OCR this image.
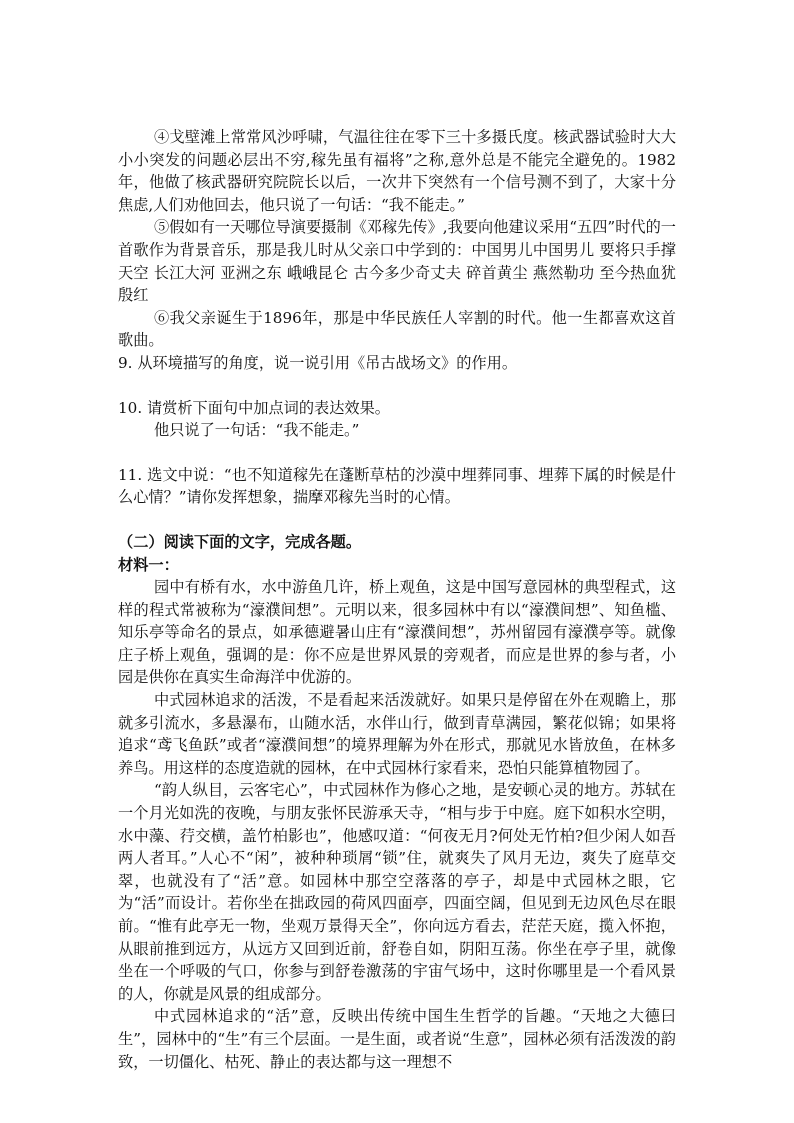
④戈壁滩上常常风沙呼啸，气温往往在零下三十多摄氏度。核武器试验时大大小小突发的问题必层出不穷,稼先虽有福将”之称,意外总是不能完全避免的。1982年，他做了核武器研究院院长以后，一次井下突然有一个信号测不到了，大家十分焦虑,人们劝他回去，他只说了一句话：“我不能走。”

⑤假如有一天哪位导演要摄制《邓稼先传》,我要向他建议采用“五四”时代的一首歌作为背景音乐，那是我儿时从父亲口中学到的：中国男儿中国男儿 要将只手撑天空 长江大河 亚洲之东 峨峨昆仑 古今多少奇丈夫 碎首黄尘 燕然勒功 至今热血犹殷红

⑥我父亲诞生于1896年，那是中华民族任人宰割的时代。他一生都喜欢这首歌曲。

9. 从环境描写的角度，说一说引用《吊古战场文》的作用。

10. 请赏析下面句中加点词的表达效果。

他只说了一句话：“我不能走。”

11. 选文中说：“也不知道稼先在蓬断草枯的沙漠中埋葬同事、埋葬下属的时候是什么心情？”请你发挥想象，揣摩邓稼先当时的心情。

（二）阅读下面的文字，完成各题。

材料一：

园中有桥有水，水中游鱼几许，桥上观鱼，这是中国写意园林的典型程式，这样的程式常被称为“濠濮间想”。元明以来，很多园林中有以“濠濮间想”、知鱼槛、知乐亭等命名的景点，如承德避暑山庄有“濠濮间想”，苏州留园有濠濮亭等。就像庄子桥上观鱼，强调的是：你不应是世界风景的旁观者，而应是世界的参与者，小园是供你在真实生命海洋中优游的。

中式园林追求的活泼，不是看起来活泼就好。如果只是停留在外在观瞻上，那就多引流水，多悬瀑布，山随水活，水伴山行，做到青草满园，繁花似锦；如果将追求“鸢飞鱼跃”或者“濠濮间想”的境界理解为外在形式，那就见水皆放鱼，在林多养鸟。用这样的态度造就的园林，在中式园林行家看来，恐怕只能算植物园了。

“韵人纵目，云客宅心”，中式园林作为修心之地，是安顿心灵的地方。苏轼在一个月光如洗的夜晚，与朋友张怀民游承天寺，“相与步于中庭。庭下如积水空明，水中藻、荇交横，盖竹柏影也”，他感叹道：“何夜无月?何处无竹柏?但少闲人如吾两人者耳。”人心不“闲”，被种种琐屑“锁”住，就爽失了风月无边，爽失了庭草交翠，也就没有了“活”意。如园林中那空空落落的亭子，却是中式园林之眼，它为“活”而设计。若你坐在拙政园的荷风四面亭，四面空阔，但见到无边风色尽在眼前。“惟有此亭无一物，坐观万景得天全”，你向远方看去，茫茫天庭，揽入怀抱，从眼前推到远方，从远方又回到近前，舒卷自如，阴阳互荡。你坐在亭子里，就像坐在一个呼吸的气口，你参与到舒卷激荡的宇宙气场中，这时你哪里是一个看风景的人，你就是风景的组成部分。

中式园林追求的“活”意，反映出传统中国生生哲学的旨趣。“天地之大德曰生”，园林中的“生”有三个层面。一是生面，或者说“生意”，园林必须有活泼泼的韵致，一切僵化、枯死、静止的表达都与这一理想不
